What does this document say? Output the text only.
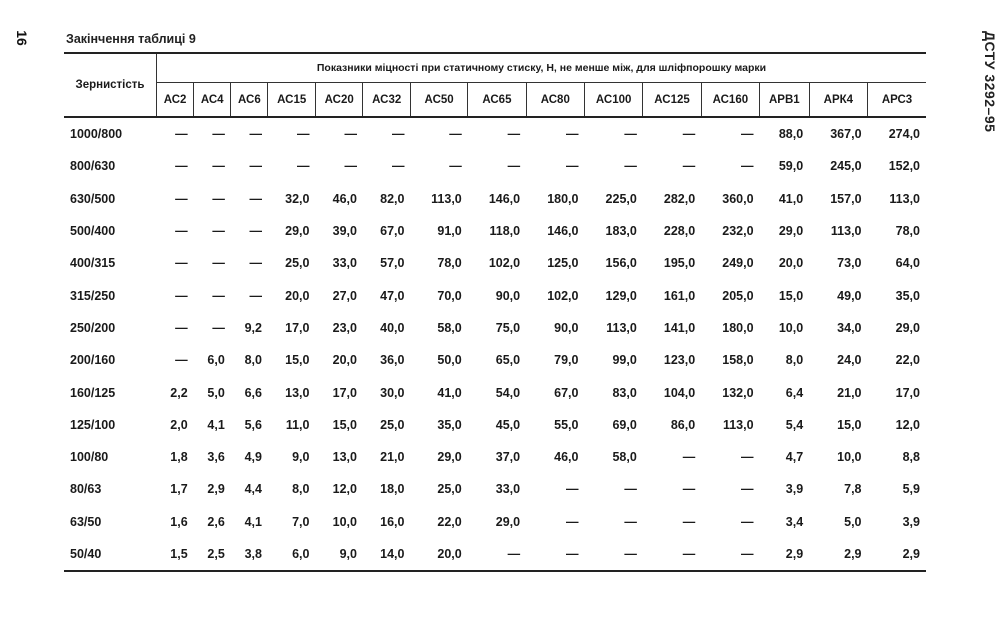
16	ДСТУ 3292–95
Закінчення таблиці 9
Зернистість	Показники міцності при статичному стиску, Н, не менше між, для шліфпорошку марки														
	АС2	АС4	АС6	АС15	АС20	АС32	АС50	АС65	АС80	АС100	АС125	АС160	АРВ1	АРК4	АРС3
1000/800	—	—	—	—	—	—	—	—	—	—	—	—	88,0	367,0	274,0
800/630	—	—	—	—	—	—	—	—	—	—	—	—	59,0	245,0	152,0
630/500	—	—	—	32,0	46,0	82,0	113,0	146,0	180,0	225,0	282,0	360,0	41,0	157,0	113,0
500/400	—	—	—	29,0	39,0	67,0	91,0	118,0	146,0	183,0	228,0	232,0	29,0	113,0	78,0
400/315	—	—	—	25,0	33,0	57,0	78,0	102,0	125,0	156,0	195,0	249,0	20,0	73,0	64,0
315/250	—	—	—	20,0	27,0	47,0	70,0	90,0	102,0	129,0	161,0	205,0	15,0	49,0	35,0
250/200	—	—	9,2	17,0	23,0	40,0	58,0	75,0	90,0	113,0	141,0	180,0	10,0	34,0	29,0
200/160	—	6,0	8,0	15,0	20,0	36,0	50,0	65,0	79,0	99,0	123,0	158,0	8,0	24,0	22,0
160/125	2,2	5,0	6,6	13,0	17,0	30,0	41,0	54,0	67,0	83,0	104,0	132,0	6,4	21,0	17,0
125/100	2,0	4,1	5,6	11,0	15,0	25,0	35,0	45,0	55,0	69,0	86,0	113,0	5,4	15,0	12,0
100/80	1,8	3,6	4,9	9,0	13,0	21,0	29,0	37,0	46,0	58,0	—	—	4,7	10,0	8,8
80/63	1,7	2,9	4,4	8,0	12,0	18,0	25,0	33,0	—	—	—	—	3,9	7,8	5,9
63/50	1,6	2,6	4,1	7,0	10,0	16,0	22,0	29,0	—	—	—	—	3,4	5,0	3,9
50/40	1,5	2,5	3,8	6,0	9,0	14,0	20,0	—	—	—	—	—	2,9	2,9	2,9
